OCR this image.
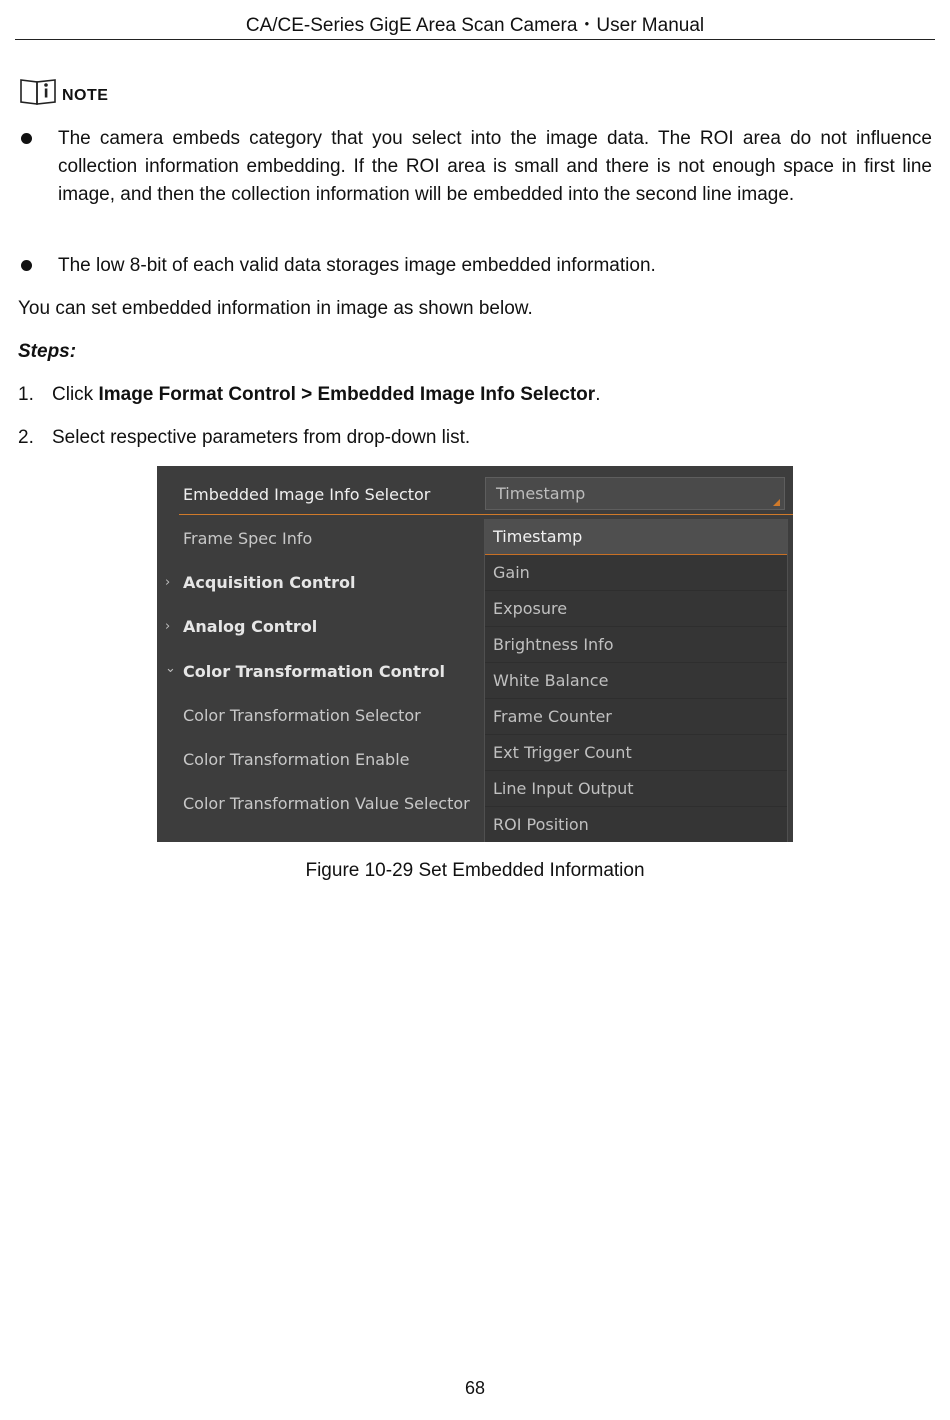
CA/CE-Series GigE Area Scan Camera・User Manual
NOTE
The camera embeds category that you select into the image data. The ROI area do not influence collection information embedding. If the ROI area is small and there is not enough space in first line image, and then the collection information will be embedded into the second line image.
The low 8-bit of each valid data storages image embedded information.
You can set embedded information in image as shown below.
Steps:
1. Click Image Format Control > Embedded Image Info Selector.
2. Select respective parameters from drop-down list.
Embedded Image Info Selector
Frame Spec Info
› Acquisition Control
› Analog Control
⌄ Color Transformation Control
Color Transformation Selector
Color Transformation Enable
Color Transformation Value Selector
Timestamp
Timestamp
Gain
Exposure
Brightness Info
White Balance
Frame Counter
Ext Trigger Count
Line Input Output
ROI Position
Figure 10-29 Set Embedded Information
68
